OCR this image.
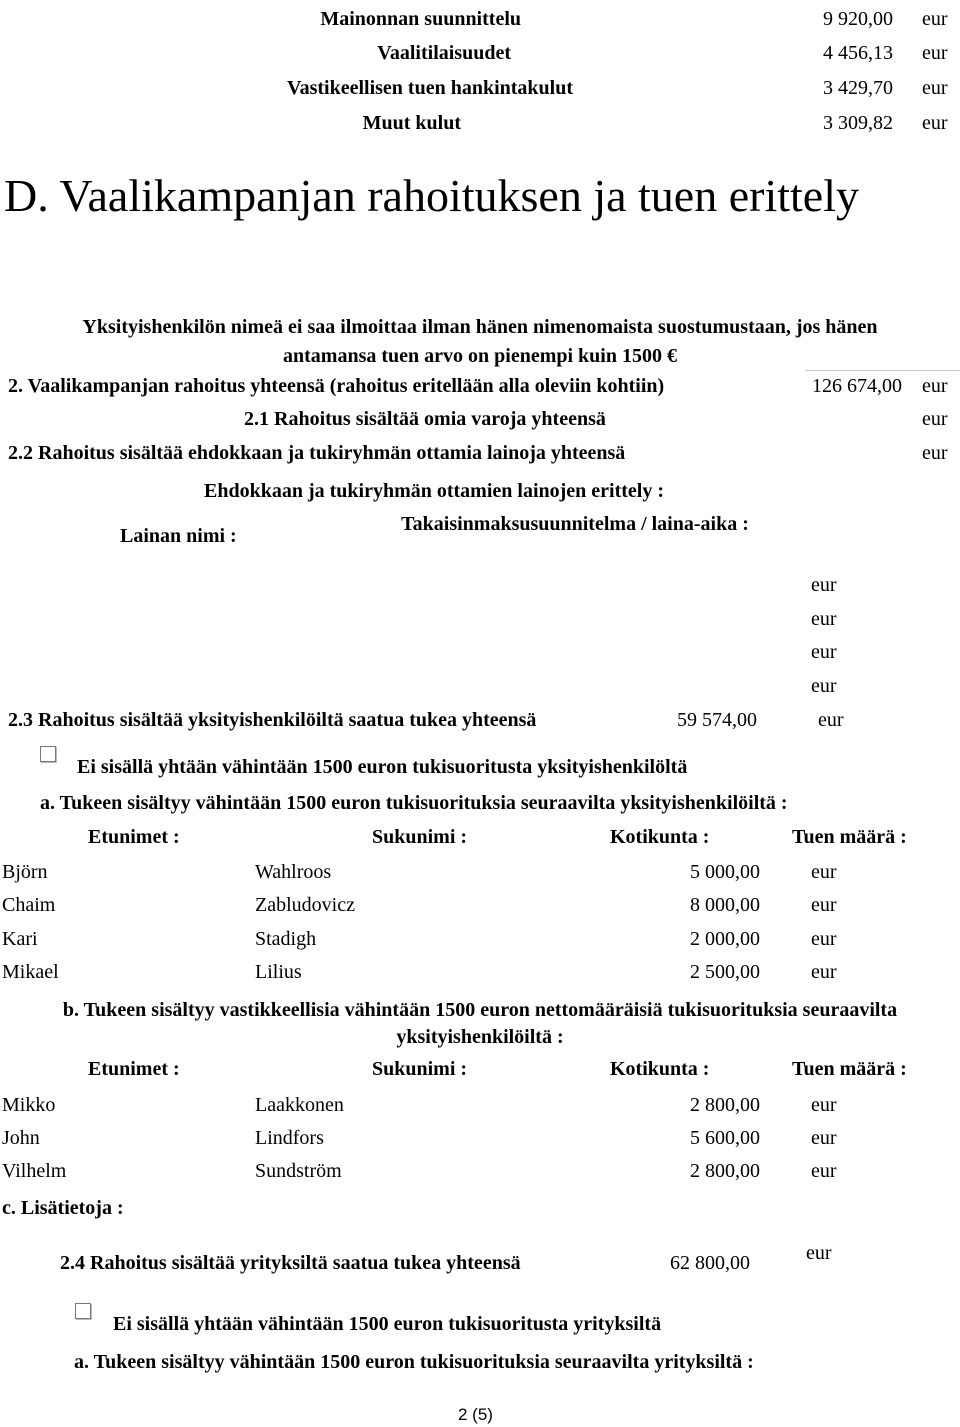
Mainonnan suunnittelu	9 920,00 eur
Vaalitilaisuudet	4 456,13 eur
Vastikeellisen tuen hankintakulut	3 429,70 eur
Muut kulut	3 309,82 eur
D. Vaalikampanjan rahoituksen ja tuen erittely
Yksityishenkilön nimeä ei saa ilmoittaa ilman hänen nimenomaista suostumustaan, jos hänen antamansa tuen arvo on pienempi kuin 1500 €
2. Vaalikampanjan rahoitus yhteensä (rahoitus eritellään alla oleviin kohtiin)	126 674,00 eur
2.1 Rahoitus sisältää omia varoja yhteensä	eur
2.2 Rahoitus sisältää ehdokkaan ja tukiryhmän ottamia lainoja yhteensä	eur
Ehdokkaan ja tukiryhmän ottamien lainojen erittely :
Lainan nimi :
Takaisinmaksusuunnitelma / laina-aika :
eur
eur
eur
eur
2.3 Rahoitus sisältää yksityishenkilöiltä saatua tukea yhteensä	59 574,00	eur
Ei sisällä yhtään vähintään 1500 euron tukisuoritusta yksityishenkilöltä
a. Tukeen sisältyy vähintään 1500 euron tukisuorituksia seuraavilta yksityishenkilöiltä :
Etunimet :	Sukunimi :	Kotikunta :	Tuen määrä :
Björn	Wahlroos	5 000,00	eur
Chaim	Zabludovicz	8 000,00	eur
Kari	Stadigh	2 000,00	eur
Mikael	Lilius	2 500,00	eur
b. Tukeen sisältyy vastikkeellisia vähintään 1500 euron nettomääräisiä tukisuorituksia seuraavilta yksityishenkilöiltä :
Etunimet :	Sukunimi :	Kotikunta :	Tuen määrä :
Mikko	Laakkonen	2 800,00	eur
John	Lindfors	5 600,00	eur
Vilhelm	Sundström	2 800,00	eur
c. Lisätietoja :
2.4 Rahoitus sisältää yrityksiltä saatua tukea yhteensä	62 800,00	eur
Ei sisällä yhtään vähintään 1500 euron tukisuoritusta yrityksiltä
a. Tukeen sisältyy vähintään 1500 euron tukisuorituksia seuraavilta yrityksiltä :
2 (5)
